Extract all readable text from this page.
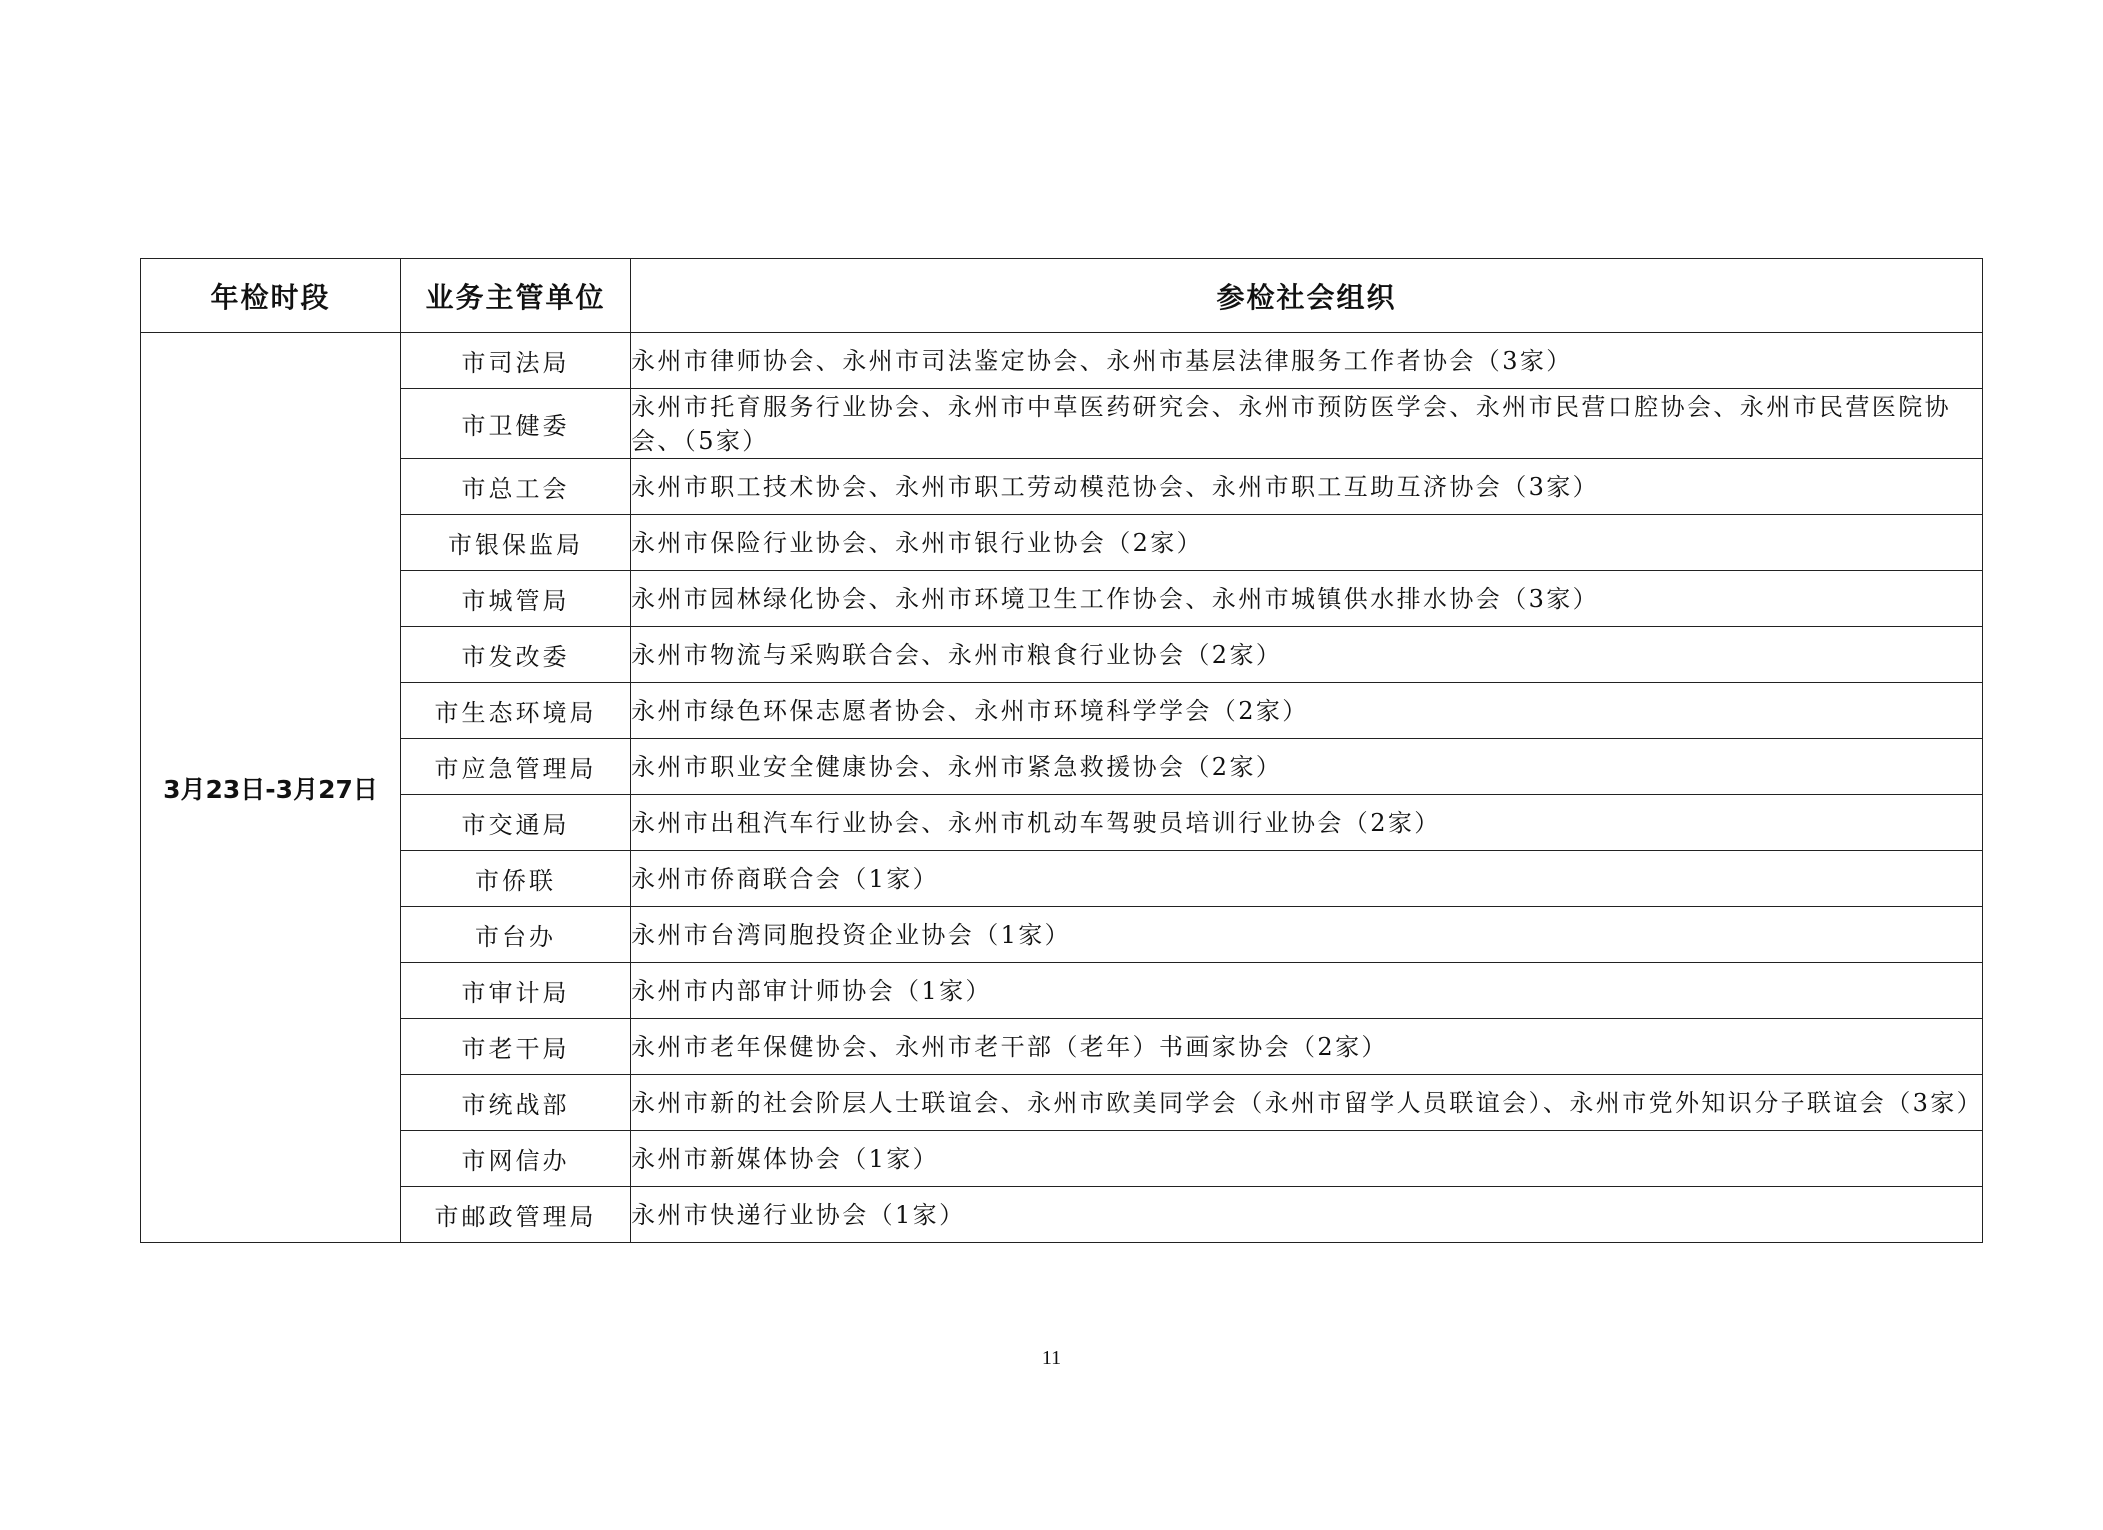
年检时段	业务主管单位	参检社会组织
3月23日-3月27日	市司法局	永州市律师协会、永州市司法鉴定协会、永州市基层法律服务工作者协会（3家）
	市卫健委	永州市托育服务行业协会、永州市中草医药研究会、永州市预防医学会、永州市民营口腔协会、永州市民营医院协会、（5家）
	市总工会	永州市职工技术协会、永州市职工劳动模范协会、永州市职工互助互济协会（3家）
	市银保监局	永州市保险行业协会、永州市银行业协会（2家）
	市城管局	永州市园林绿化协会、永州市环境卫生工作协会、永州市城镇供水排水协会（3家）
	市发改委	永州市物流与采购联合会、永州市粮食行业协会（2家）
	市生态环境局	永州市绿色环保志愿者协会、永州市环境科学学会（2家）
	市应急管理局	永州市职业安全健康协会、永州市紧急救援协会（2家）
	市交通局	永州市出租汽车行业协会、永州市机动车驾驶员培训行业协会（2家）
	市侨联	永州市侨商联合会（1家）
	市台办	永州市台湾同胞投资企业协会（1家）
	市审计局	永州市内部审计师协会（1家）
	市老干局	永州市老年保健协会、永州市老干部（老年）书画家协会（2家）
	市统战部	永州市新的社会阶层人士联谊会、永州市欧美同学会（永州市留学人员联谊会）、永州市党外知识分子联谊会（3家）
	市网信办	永州市新媒体协会（1家）
	市邮政管理局	永州市快递行业协会（1家）
11
